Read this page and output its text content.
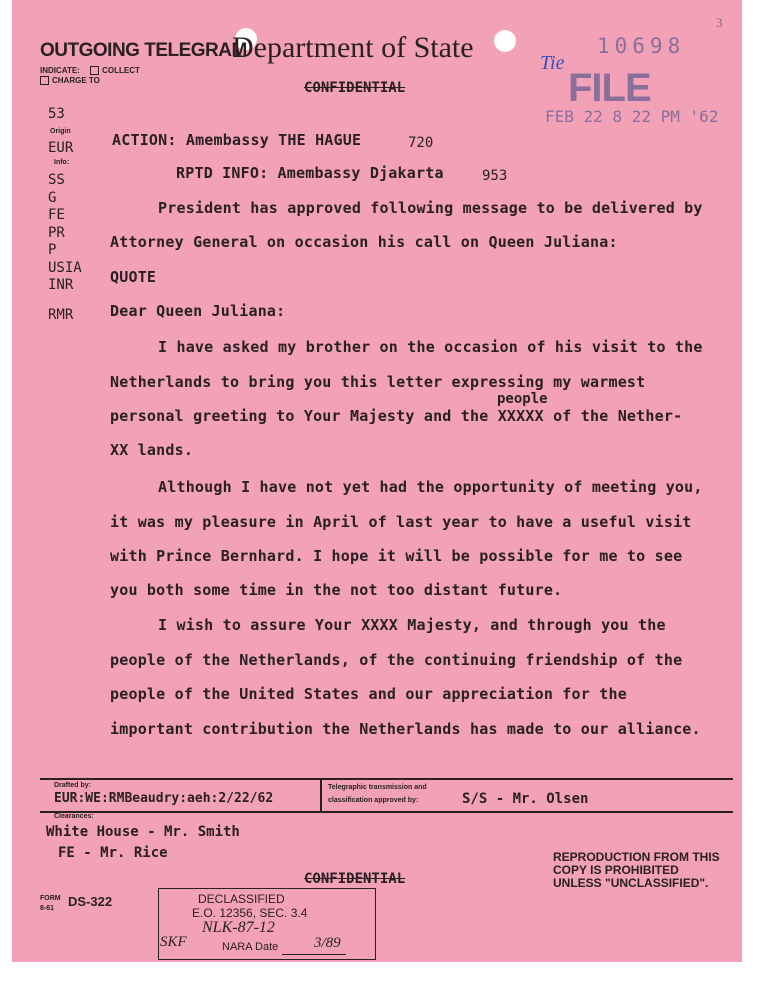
OUTGOING TELEGRAM
Department of State
INDICATE:	COLLECT
CHARGE TO	CONFIDENTIAL
10698
3
FILE
Tie
FEB 22 8 22 PM '62
53
Origin
EUR
Info:
SS
G
FE
PR
P
USIA
INR
RMR
ACTION: Amembassy THE HAGUE	720
RPTD INFO: Amembassy Djakarta	953
President has approved following message to be delivered by
Attorney General on occasion his call on Queen Juliana:
QUOTE
Dear Queen Juliana:
I have asked my brother on the occasion of his visit to the
Netherlands to bring you this letter expressing my warmest
people
personal greeting to Your Majesty and the XXXXX of the Nether-
XX lands.
Although I have not yet had the opportunity of meeting you,
it was my pleasure in April of last year to have a useful visit
with Prince Bernhard. I hope it will be possible for me to see
you both some time in the not too distant future.
I wish to assure Your XXXX Majesty, and through you the
people of the Netherlands, of the continuing friendship of the
people of the United States and our appreciation for the
important contribution the Netherlands has made to our alliance.
Drafted by:
EUR:WE:RMBeaudry:aeh:2/22/62
Telegraphic transmission and
classification approved by:	S/S - Mr. Olsen
Clearances:
White House - Mr. Smith
FE - Mr. Rice
CONFIDENTIAL
REPRODUCTION FROM THIS
COPY IS PROHIBITED
UNLESS "UNCLASSIFIED".
FORM
8-61 DS-322	DECLASSIFIED
E.O. 12356, SEC. 3.4
NLK-87-12
SKF	NARA Date 3/89
